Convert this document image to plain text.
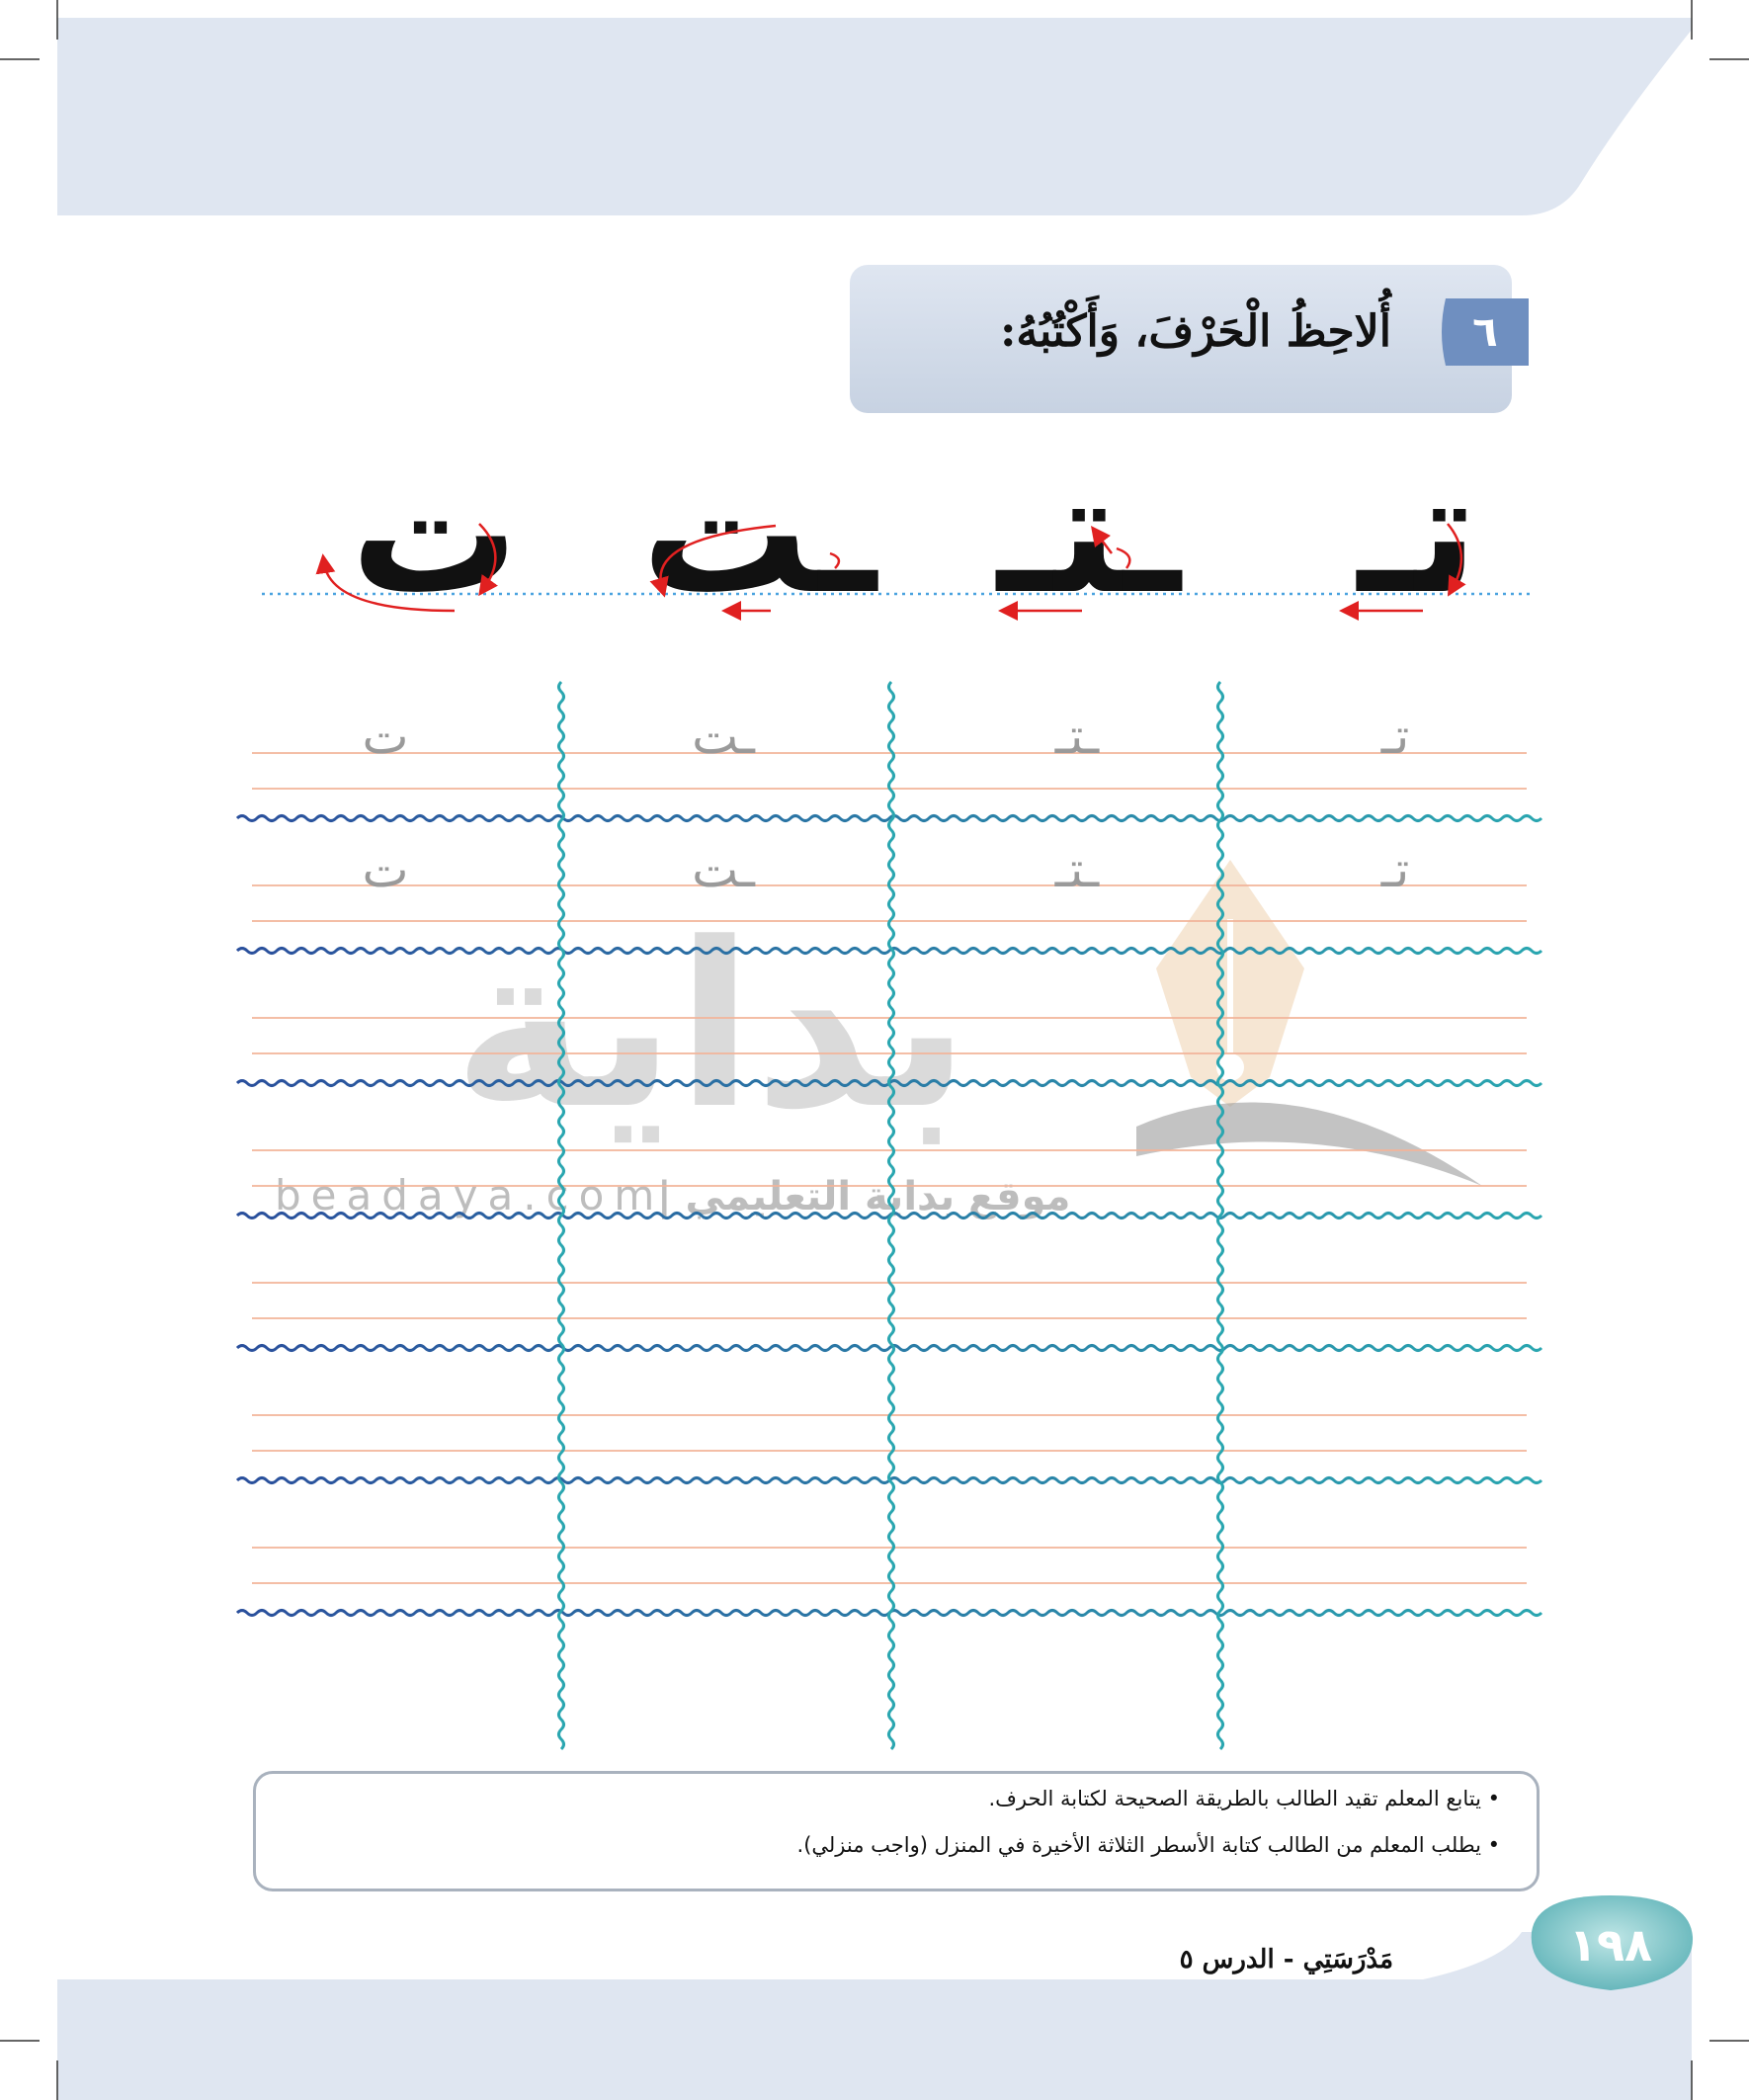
٦
أُلاحِظُ الْحَرْفَ، وَأَكْتُبُهُ:
تـ
ـتـ
ـت
ت
بداية
beadaya.com
موقع بداية التعليمي |
تـ
ـتـ
ـت
ت
تـ
ـتـ
ـت
ت
• يتابع المعلم تقيد الطالب بالطريقة الصحيحة لكتابة الحرف.
• يطلب المعلم من الطالب كتابة الأسطر الثلاثة الأخيرة في المنزل (واجب منزلي).
١٩٨
مَدْرَسَتِي - الدرس ٥
